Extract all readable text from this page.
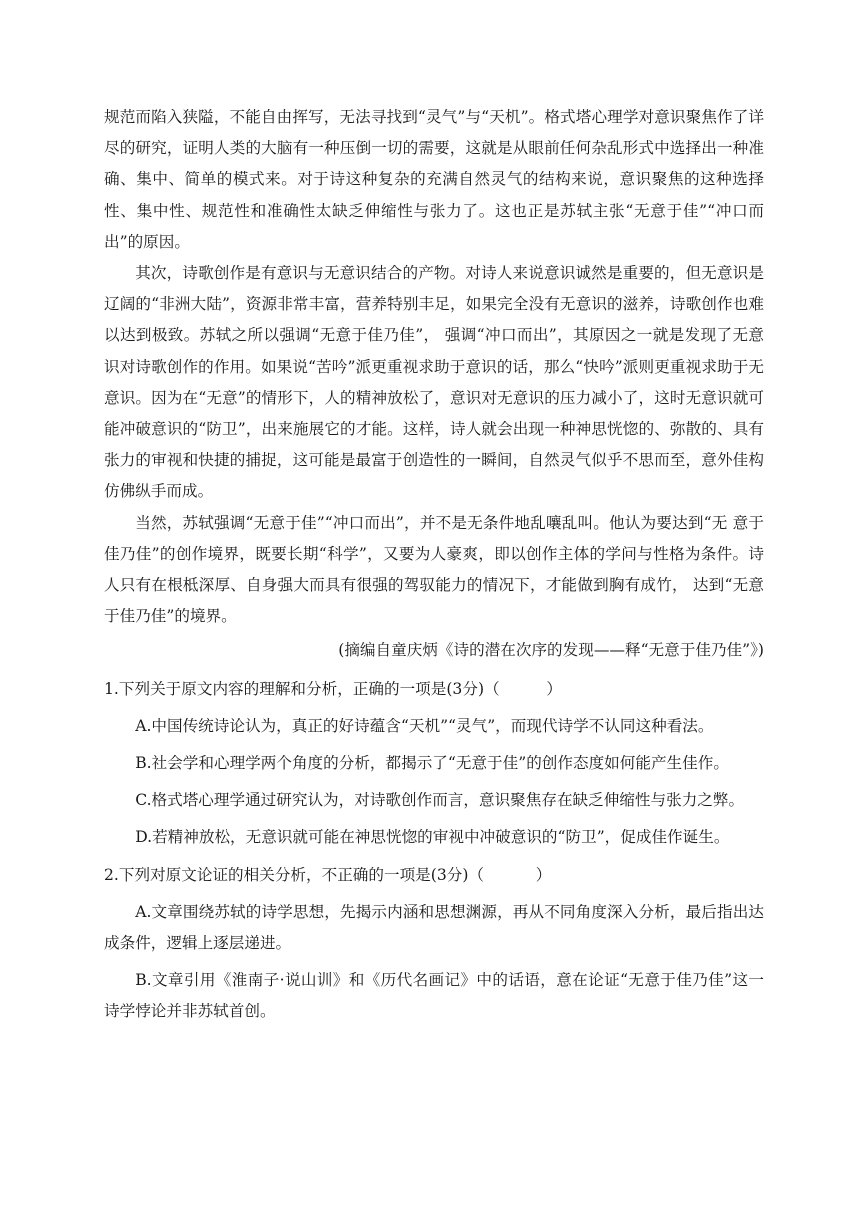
规范而陷入狭隘，不能自由挥写，无法寻找到“灵气”与“天机”。格式塔心理学对意识聚焦作了详尽的研究，证明人类的大脑有一种压倒一切的需要，这就是从眼前任何杂乱形式中选择出一种准确、集中、简单的模式来。对于诗这种复杂的充满自然灵气的结构来说，意识聚焦的这种选择性、集中性、规范性和准确性太缺乏伸缩性与张力了。这也正是苏轼主张“无意于佳”“冲口而出”的原因。

其次，诗歌创作是有意识与无意识结合的产物。对诗人来说意识诚然是重要的，但无意识是辽阔的“非洲大陆”，资源非常丰富，营养特别丰足，如果完全没有无意识的滋养，诗歌创作也难以达到极致。苏轼之所以强调“无意于佳乃佳”， 强调“冲口而出”，其原因之一就是发现了无意识对诗歌创作的作用。如果说“苦吟”派更重视求助于意识的话，那么“快吟”派则更重视求助于无意识。因为在“无意”的情形下，人的精神放松了，意识对无意识的压力减小了，这时无意识就可能冲破意识的“防卫”，出来施展它的才能。这样，诗人就会出现一种神思恍惚的、弥散的、具有张力的审视和快捷的捕捉，这可能是最富于创造性的一瞬间，自然灵气似乎不思而至，意外佳构仿佛纵手而成。

当然，苏轼强调“无意于佳”“冲口而出”，并不是无条件地乱嚷乱叫。他认为要达到“无 意于佳乃佳”的创作境界，既要长期“科学”，又要为人豪爽，即以创作主体的学问与性格为条件。诗人只有在根柢深厚、自身强大而具有很强的驾驭能力的情况下，才能做到胸有成竹， 达到“无意于佳乃佳”的境界。

(摘编自童庆炳《诗的潜在次序的发现——释“无意于佳乃佳”》)

1.下列关于原文内容的理解和分析，正确的一项是(3分)（　　　）

A.中国传统诗论认为，真正的好诗蕴含“天机”“灵气”，而现代诗学不认同这种看法。

B.社会学和心理学两个角度的分析，都揭示了“无意于佳”的创作态度如何能产生佳作。

C.格式塔心理学通过研究认为，对诗歌创作而言，意识聚焦存在缺乏伸缩性与张力之弊。

D.若精神放松，无意识就可能在神思恍惚的审视中冲破意识的“防卫”，促成佳作诞生。

2.下列对原文论证的相关分析，不正确的一项是(3分)（　　　 ）

A.文章围绕苏轼的诗学思想，先揭示内涵和思想渊源，再从不同角度深入分析，最后指出达成条件，逻辑上逐层递进。

B.文章引用《淮南子·说山训》和《历代名画记》中的话语，意在论证“无意于佳乃佳”这一诗学悖论并非苏轼首创。
